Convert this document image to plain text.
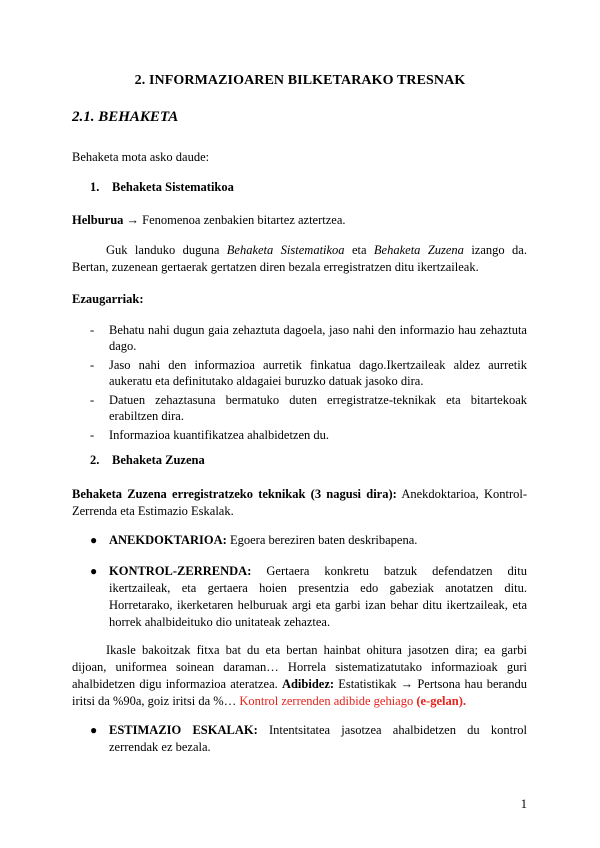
2. INFORMAZIOAREN BILKETARAKO TRESNAK
2.1. BEHAKETA
Behaketa mota asko daude:
1. Behaketa Sistematikoa
Helburua → Fenomenoa zenbakien bitartez aztertzea.
Guk landuko duguna Behaketa Sistematikoa eta Behaketa Zuzena izango da. Bertan, zuzenean gertaerak gertatzen diren bezala erregistratzen ditu ikertzaileak.
Ezaugarriak:
- Behatu nahi dugun gaia zehaztuta dagoela, jaso nahi den informazio hau zehaztuta dago.
- Jaso nahi den informazioa aurretik finkatua dago.Ikertzaileak aldez aurretik aukeratu eta definitutako aldagaiei buruzko datuak jasoko dira.
- Datuen zehaztasuna bermatuko duten erregistratze-teknikak eta bitartekoak erabiltzen dira.
- Informazioa kuantifikatzea ahalbidetzen du.
2. Behaketa Zuzena
Behaketa Zuzena erregistratzeko teknikak (3 nagusi dira): Anekdoktarioa, Kontrol-Zerrenda eta Estimazio Eskalak.
● ANEKDOKTARIOA: Egoera bereziren baten deskribapena.
● KONTROL-ZERRENDA: Gertaera konkretu batzuk defendatzen ditu ikertzaileak, eta gertaera hoien presentzia edo gabeziak anotatzen ditu. Horretarako, ikerketaren helburuak argi eta garbi izan behar ditu ikertzaileak, eta horrek ahalbideituko dio unitateak zehaztea.
Ikasle bakoitzak fitxa bat du eta bertan hainbat ohitura jasotzen dira; ea garbi dijoan, uniformea soinean daraman… Horrela sistematizatutako informazioak guri ahalbidetzen digu informazioa ateratzea. Adibidez: Estatistikak → Pertsona hau berandu iritsi da %90a, goiz iritsi da %… Kontrol zerrenden adibide gehiago (e-gelan).
● ESTIMAZIO ESKALAK: Intentsitatea jasotzea ahalbidetzen du kontrol zerrendak ez bezala.
1
